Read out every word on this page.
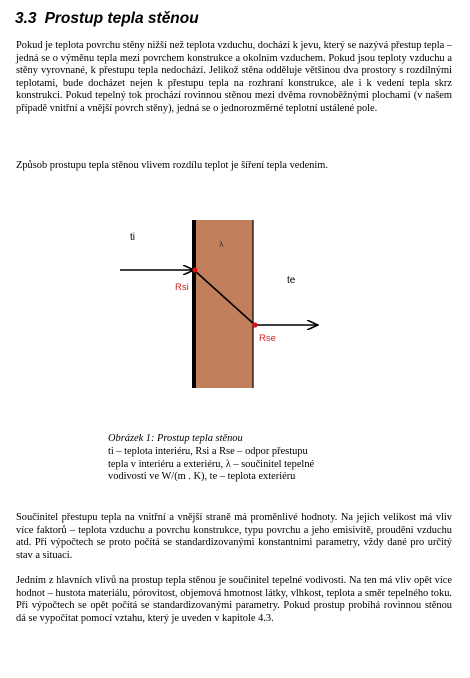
3.3 Prostup tepla stěnou

Pokud je teplota povrchu stěny nižší než teplota vzduchu, dochází k jevu, který se nazývá přestup tepla – jedná se o výměnu tepla mezi povrchem konstrukce a okolním vzduchem. Pokud jsou teploty vzduchu a stěny vyrovnané, k přestupu tepla nedochází. Jelikož stěna odděluje většinou dva prostory s rozdílnými teplotami, bude docházet nejen k přestupu tepla na rozhraní konstrukce, ale i k vedení tepla skrz konstrukci. Pokud tepelný tok prochází rovinnou stěnou mezi dvěma rovnoběžnými plochami (v našem případě vnitřní a vnější povrch stěny), jedná se o jednorozměrné teplotní ustálené pole.

Způsob prostupu tepla stěnou vlivem rozdílu teplot je šíření tepla vedením.

ti
te
λ
Rsi
Rse
Obrázek 1: Prostup tepla stěnou
ti – teplota interiéru, Rsi a Rse – odpor přestupu
tepla v interiéru a exteriéru, λ – součinitel tepelné
vodivosti ve W/(m . K), te – teplota exteriéru

Součinitel přestupu tepla na vnitřní a vnější straně má proměnlivé hodnoty. Na jejich velikost má vliv více faktorů – teplota vzduchu a povrchu konstrukce, typu povrchu a jeho emisivitě, proudění vzduchu atd. Při výpočtech se proto počítá se standardizovanými konstantními parametry, vždy dané pro určitý stav a situaci.

Jedním z hlavních vlivů na prostup tepla stěnou je součinitel tepelné vodivosti. Na ten má vliv opět více hodnot – hustota materiálu, pórovitost, objemová hmotnost látky, vlhkost, teplota a směr tepelného toku. Při výpočtech se opět počítá se standardizovanými parametry. Pokud prostup probíhá rovinnou stěnou dá se vypočítat pomocí vztahu, který je uveden v kapitole 4.3.
